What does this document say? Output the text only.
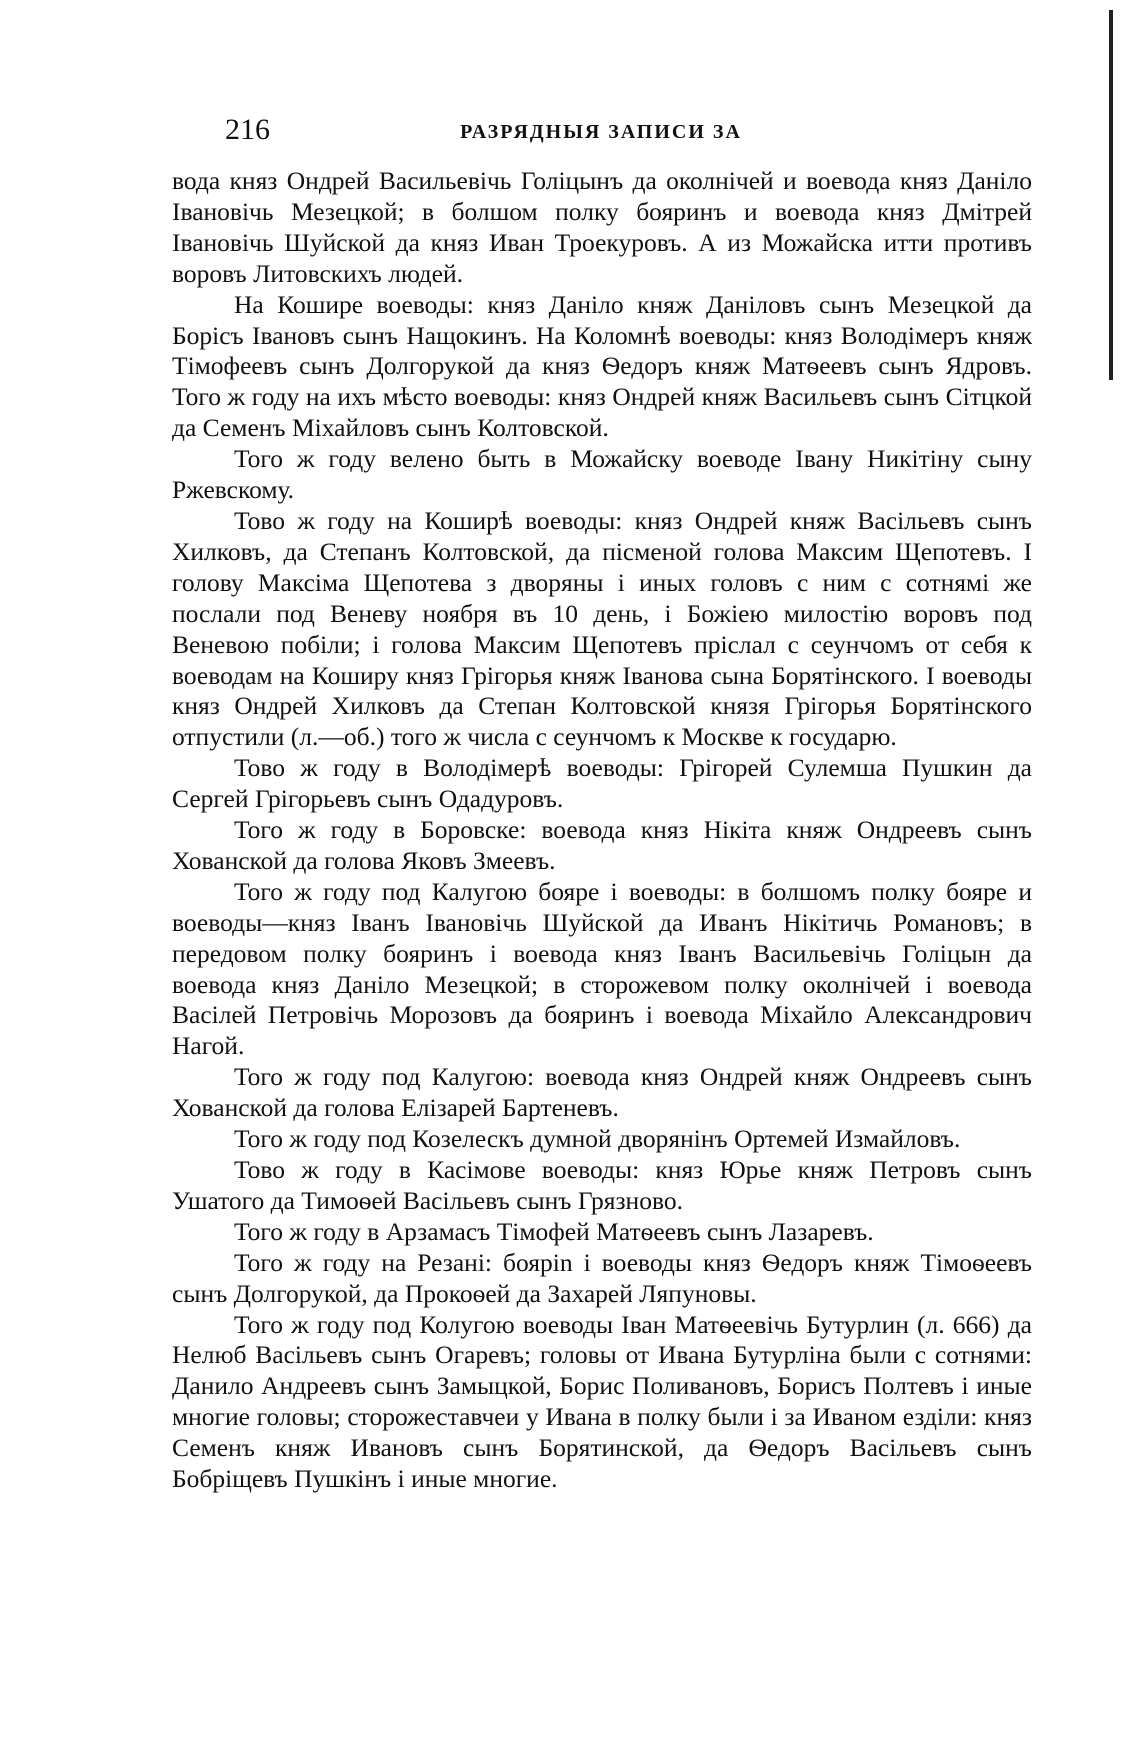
216	РАЗРЯДНЫЯ ЗАПИСИ ЗА

вода княз Ондрей Васильевічь Голіцынъ да околнічей и воевода княз Даніло Івановічь Мезецкой; в болшом полку бояринъ и воевода княз Дмітрей Івановічь Шуйской да княз Иван Троекуровъ. А из Можайска итти противъ воровъ Литовскихъ людей.

На Кошире воеводы: княз Даніло княж Даніловъ сынъ Мезецкой да Борісъ Івановъ сынъ Нащокинъ. На Коломнѣ воеводы: княз Володімеръ княж Тімофеевъ сынъ Долгорукой да княз Ѳедоръ княж Матѳеевъ сынъ Ядровъ. Того ж году на ихъ мѣсто воеводы: княз Ондрей княж Васильевъ сынъ Сітцкой да Семенъ Міхайловъ сынъ Колтовской.

Того ж году велено быть в Можайску воеводе Івану Никітіну сыну Ржевскому.

Тово ж году на Коширѣ воеводы: княз Ондрей княж Васільевъ сынъ Хилковъ, да Степанъ Колтовской, да пісменой голова Максим Щепотевъ. І голову Максіма Щепотева з дворяны і иных головъ с ним с сотнямі же послали под Веневу ноября въ 10 день, і Божіею милостію воровъ под Веневою побіли; і голова Максим Щепотевъ пріслал с сеунчомъ от себя к воеводам на Коширу княз Грігорья княж Іванова сына Борятінского. І воеводы княз Ондрей Хилковъ да Степан Колтовской князя Грігорья Борятінского отпустили (л.—об.) того ж числа с сеунчомъ к Москве к государю.

Тово ж году в Володімерѣ воеводы: Грігорей Сулемша Пушкин да Сергей Грігорьевъ сынъ Одадуровъ.

Того ж году в Боровске: воевода княз Нікіта княж Ондреевъ сынъ Хованской да голова Яковъ Змеевъ.

Того ж году под Калугою бояре і воеводы: в болшомъ полку бояре и воеводы—княз Іванъ Івановічь Шуйской да Иванъ Нікітичь Романовъ; в передовом полку бояринъ і воевода княз Іванъ Васильевічь Голіцын да воевода княз Даніло Мезецкой; в сторожевом полку околнічей і воевода Васілей Петровічь Морозовъ да бояринъ і воевода Міхайло Александрович Нагой.

Того ж году под Калугою: воевода княз Ондрей княж Ондреевъ сынъ Хованской да голова Елізарей Бартеневъ.

Того ж году под Козелескъ думной дворянінъ Ортемей Измайловъ.

Тово ж году в Касімове воеводы: княз Юрье княж Петровъ сынъ Ушатого да Тимоѳей Васільевъ сынъ Грязново.

Того ж году в Арзамасъ Тімофей Матѳеевъ сынъ Лазаревъ.

Того ж году на Резані: бояріn і воеводы княз Ѳедоръ княж Тімоѳеевъ сынъ Долгорукой, да Прокоѳей да Захарей Ляпуновы.

Того ж году под Колугою воеводы Іван Матѳеевічь Бутурлин (л. 666) да Нелюб Васільевъ сынъ Огаревъ; головы от Ивана Бутурліна были с сотнями: Данило Андреевъ сынъ Замыцкой, Борис Поливановъ, Борисъ Полтевъ і иные многие головы; сторожеставчеи у Ивана в полку были і за Иваном езділи: княз Семенъ княж Ивановъ сынъ Борятинской, да Ѳедоръ Васільевъ сынъ Бобріщевъ Пушкінъ і иные многие.
